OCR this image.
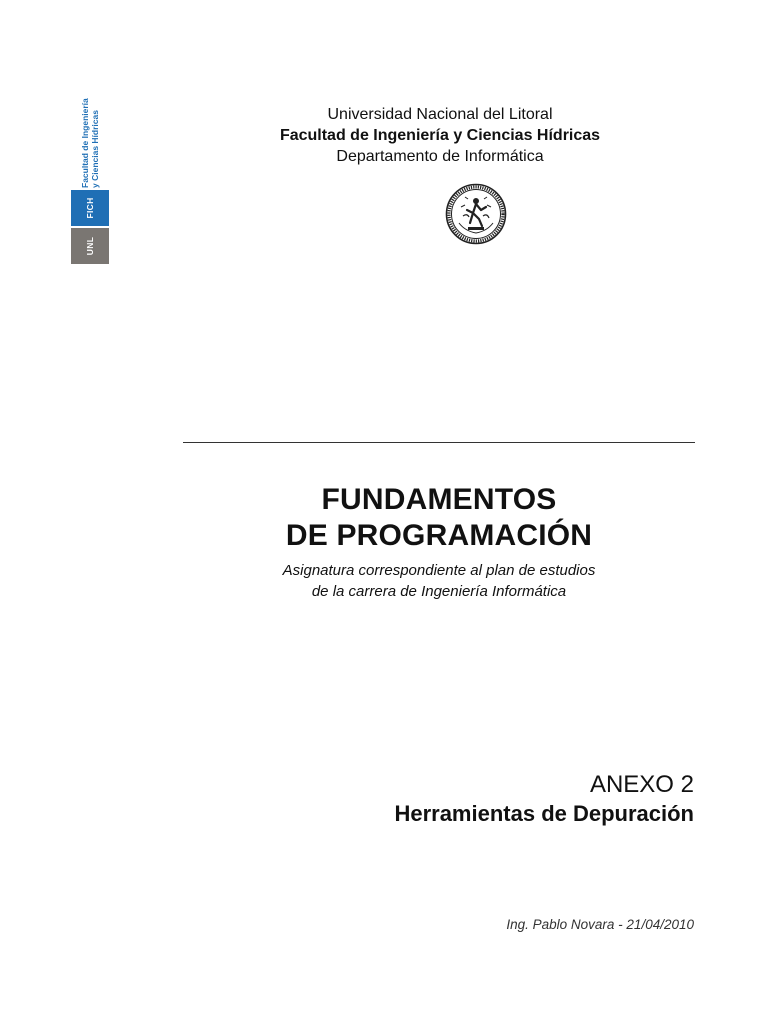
Facultad de Ingeniería y Ciencias Hídricas
FICH
UNL
Universidad Nacional del Litoral
Facultad de Ingeniería y Ciencias Hídricas
Departamento de Informática
FUNDAMENTOS
DE PROGRAMACIÓN
Asignatura correspondiente al plan de estudios
de la carrera de Ingeniería Informática
ANEXO 2
Herramientas de Depuración
Ing. Pablo Novara - 21/04/2010
